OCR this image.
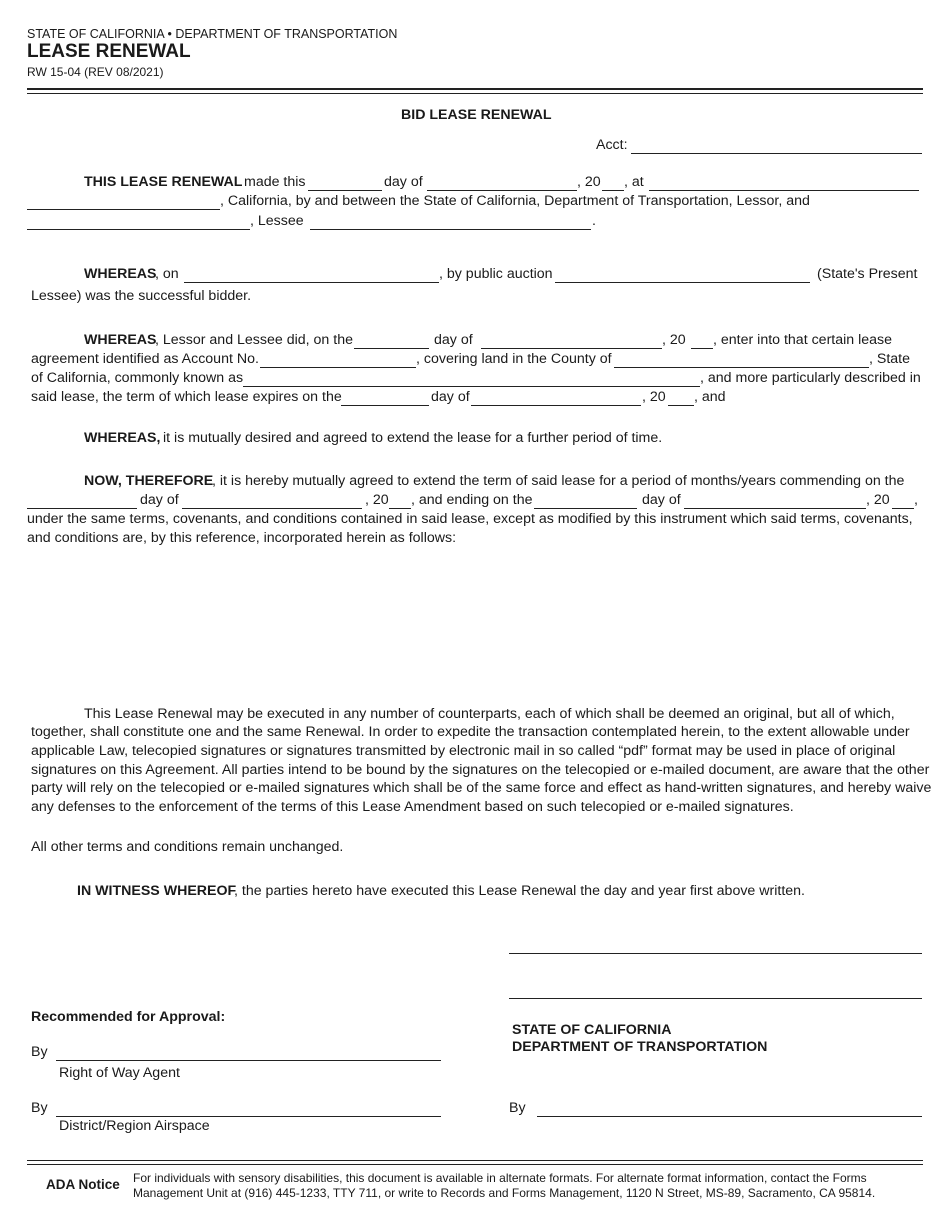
STATE OF CALIFORNIA • DEPARTMENT OF TRANSPORTATION
LEASE RENEWAL
RW 15-04 (REV 08/2021)
BID LEASE RENEWAL
Acct:
THIS LEASE RENEWAL made this	day of	, 20 , at
, California, by and between the State of California, Department of Transportation, Lessor, and
, Lessee	.
WHEREAS
, on	, by public auction	(State's Present
Lessee) was the successful bidder.
WHEREAS
, Lessor and Lessee did, on the	day of	, 20 , enter into that certain lease
agreement identified as Account No.	, covering land in the County of	, State
of California, commonly known as	, and more particularly described in
said lease, the term of which lease expires on the	day of	, 20 , and
WHEREAS, it is mutually desired and agreed to extend the lease for a further period of time.
NOW, THEREFORE
, it is hereby mutually agreed to extend the term of said lease for a period of months/years commending on the
day of	, 20 , and ending on the	day of	, 20 ,
under the same terms, covenants, and conditions contained in said lease, except as modified by this instrument which said terms, covenants,
and conditions are, by this reference, incorporated herein as follows:
This Lease Renewal may be executed in any number of counterparts, each of which shall be deemed an original, but all of which,
together, shall constitute one and the same Renewal. In order to expedite the transaction contemplated herein, to the extent allowable under
applicable Law, telecopied signatures or signatures transmitted by electronic mail in so called “pdf” format may be used in place of original
signatures on this Agreement. All parties intend to be bound by the signatures on the telecopied or e-mailed document, are aware that the other
party will rely on the telecopied or e-mailed signatures which shall be of the same force and effect as hand-written signatures, and hereby waive
any defenses to the enforcement of the terms of this Lease Amendment based on such telecopied or e-mailed signatures.
All other terms and conditions remain unchanged.
IN WITNESS WHEREOF
, the parties hereto have executed this Lease Renewal the day and year first above written.
STATE OF CALIFORNIA
DEPARTMENT OF TRANSPORTATION
Recommended for Approval:
By
Right of Way Agent
By
District/Region Airspace
By
ADA Notice For individuals with sensory disabilities, this document is available in alternate formats. For alternate format information, contact the Forms
Management Unit at (916) 445-1233, TTY 711, or write to Records and Forms Management, 1120 N Street, MS-89, Sacramento, CA 95814.
